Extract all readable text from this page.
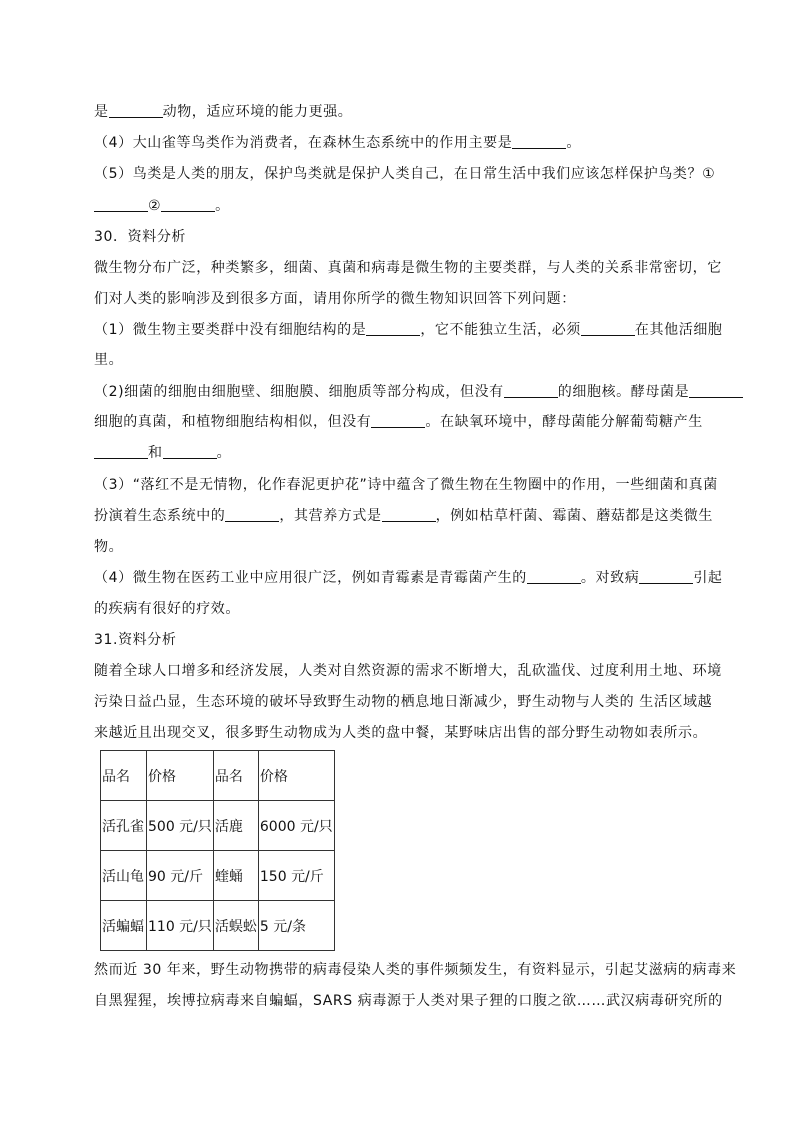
是	动物，适应环境的能力更强。
（4）大山雀等鸟类作为消费者，在森林生态系统中的作用主要是	。
（5）鸟类是人类的朋友，保护鸟类就是保护人类自己，在日常生活中我们应该怎样保护鸟类？①
②	。
30．资料分析
微生物分布广泛，种类繁多，细菌、真菌和病毒是微生物的主要类群，与人类的关系非常密切，它
们对人类的影响涉及到很多方面，请用你所学的微生物知识回答下列问题：
（1）微生物主要类群中没有细胞结构的是	，它不能独立生活，必须	在其他活细胞
里。
（2)细菌的细胞由细胞壁、细胞膜、细胞质等部分构成，但没有	的细胞核。酵母菌是
细胞的真菌，和植物细胞结构相似，但没有	。在缺氧环境中，酵母菌能分解葡萄糖产生
和	。
（3）“落红不是无情物，化作春泥更护花”诗中蕴含了微生物在生物圈中的作用，一些细菌和真菌
扮演着生态系统中的	，其营养方式是	，例如枯草杆菌、霉菌、蘑菇都是这类微生
物。
（4）微生物在医药工业中应用很广泛，例如青霉素是青霉菌产生的	。对致病	引起
的疾病有很好的疗效。
31.资料分析
随着全球人口增多和经济发展，人类对自然资源的需求不断增大，乱砍滥伐、过度利用土地、环境
污染日益凸显，生态环境的破坏导致野生动物的栖息地日渐减少，野生动物与人类的 生活区域越
来越近且出现交叉，很多野生动物成为人类的盘中餐，某野味店出售的部分野生动物如表所示。
品名	价格	品名	价格
活孔雀	500 元/只	活鹿	6000 元/只
活山龟	90 元/斤	蝰蛹	150 元/斤
活蝙蝠	110 元/只	活蜈蚣	5 元/条
然而近 30 年来，野生动物携带的病毒侵染人类的事件频频发生，有资料显示，引起艾滋病的病毒来
自黑猩猩，埃博拉病毒来自蝙蝠，SARS 病毒源于人类对果子狸的口腹之欲……武汉病毒研究所的
